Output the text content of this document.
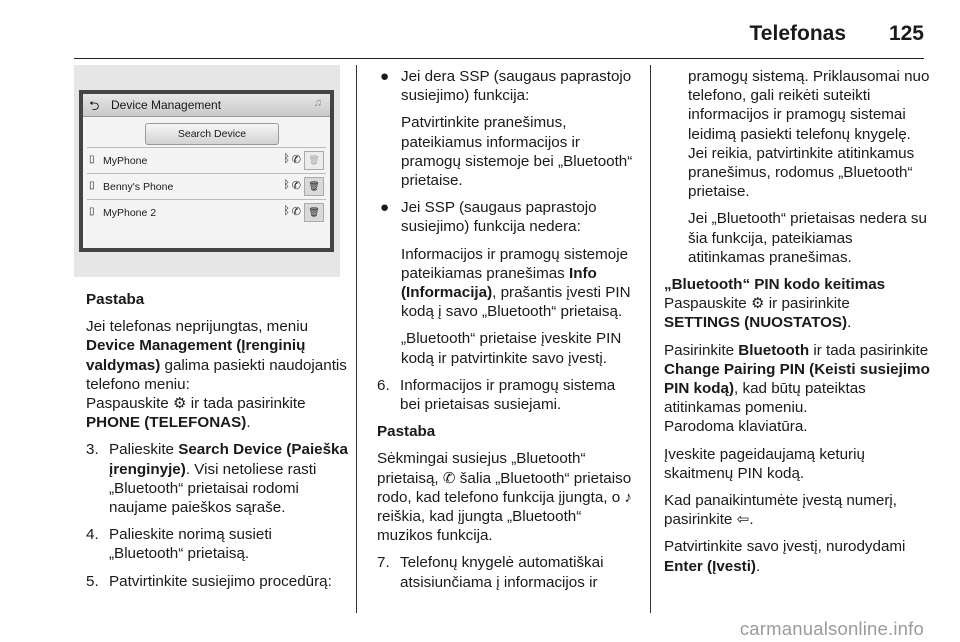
Telefonas 125
⮌ Device Management	♫
Search Device
▯ MyPhone	ᛒ ✆ 🗑
▯ Benny's Phone	ᛒ ✆ 🗑
▯ MyPhone 2	ᛒ ✆ 🗑

Pastaba

Jei telefonas neprijungtas, meniu
Device Management (Įrenginių valdymas) galima pasiekti naudojantis telefono meniu:
Paspauskite ⚙ ir tada pasirinkite
PHONE (TELEFONAS).

3. Palieskite Search Device (Paieška įrenginyje). Visi netoliese rasti „Bluetooth“ prietaisai rodomi naujame paieškos sąraše.
4. Palieskite norimą susieti „Bluetooth“ prietaisą.
5. Patvirtinkite susiejimo procedūrą:
● Jei dera SSP (saugaus paprastojo susiejimo) funkcija:

Patvirtinkite pranešimus, pateikiamus informacijos ir pramogų sistemoje bei „Bluetooth“ prietaise.

● Jei SSP (saugaus paprastojo susiejimo) funkcija nedera:

Informacijos ir pramogų sistemoje pateikiamas pranešimas Info (Informacija), prašantis įvesti PIN kodą į savo „Bluetooth“ prietaisą.

„Bluetooth“ prietaise įveskite PIN kodą ir patvirtinkite savo įvestį.

6. Informacijos ir pramogų sistema bei prietaisas susiejami.

Pastaba

Sėkmingai susiejus „Bluetooth“ prietaisą, ✆ šalia „Bluetooth“ prietaiso rodo, kad telefono funkcija įjungta, o ♪ reiškia, kad įjungta „Bluetooth“ muzikos funkcija.

7. Telefonų knygelė automatiškai atsisiunčiama į informacijos ir

pramogų sistemą. Priklausomai nuo telefono, gali reikėti suteikti informacijos ir pramogų sistemai leidimą pasiekti telefonų knygelę. Jei reikia, patvirtinkite atitinkamus pranešimus, rodomus „Bluetooth“ prietaise.

Jei „Bluetooth“ prietaisas nedera su šia funkcija, pateikiamas atitinkamas pranešimas.

„Bluetooth“ PIN kodo keitimas

Paspauskite ⚙ ir pasirinkite
SETTINGS (NUOSTATOS).

Pasirinkite Bluetooth ir tada pasirinkite Change Pairing PIN (Keisti susiejimo PIN kodą), kad būtų pateiktas atitinkamas pomeniu.
Parodoma klaviatūra.

Įveskite pageidaujamą keturių skaitmenų PIN kodą.

Kad panaikintumėte įvestą numerį, pasirinkite ⇦.

Patvirtinkite savo įvestį, nurodydami Enter (Įvesti).

carmanualsonline.info
